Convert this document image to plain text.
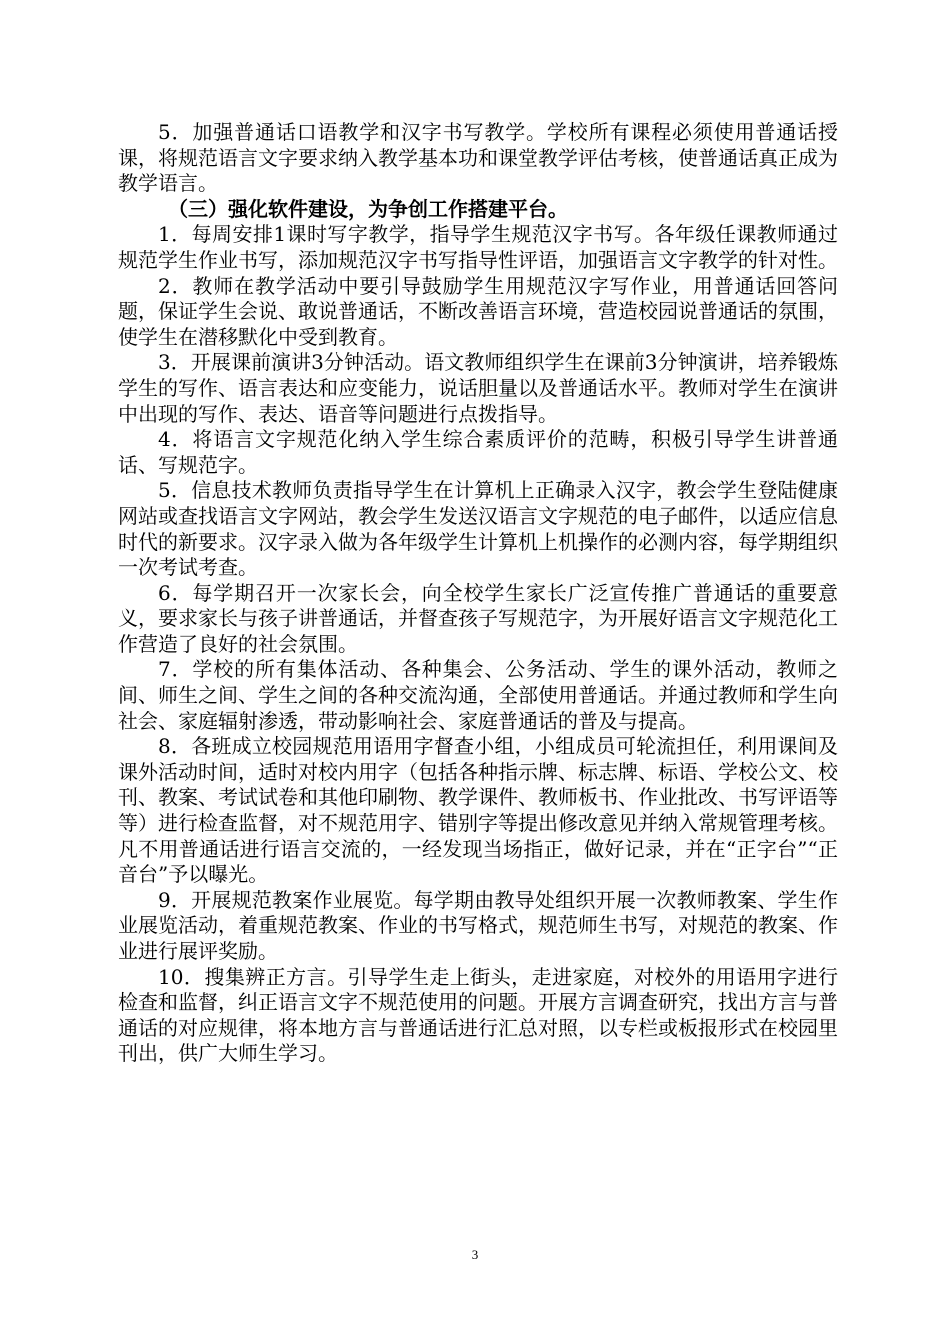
5．加强普通话口语教学和汉字书写教学。学校所有课程必须使用普通话授课，将规范语言文字要求纳入教学基本功和课堂教学评估考核，使普通话真正成为教学语言。

（三）强化软件建设，为争创工作搭建平台。

1．每周安排1课时写字教学，指导学生规范汉字书写。各年级任课教师通过规范学生作业书写，添加规范汉字书写指导性评语，加强语言文字教学的针对性。

2．教师在教学活动中要引导鼓励学生用规范汉字写作业，用普通话回答问题，保证学生会说、敢说普通话，不断改善语言环境，营造校园说普通话的氛围，使学生在潜移默化中受到教育。

3．开展课前演讲3分钟活动。语文教师组织学生在课前3分钟演讲，培养锻炼学生的写作、语言表达和应变能力，说话胆量以及普通话水平。教师对学生在演讲中出现的写作、表达、语音等问题进行点拨指导。

4．将语言文字规范化纳入学生综合素质评价的范畴，积极引导学生讲普通话、写规范字。

5．信息技术教师负责指导学生在计算机上正确录入汉字，教会学生登陆健康网站或查找语言文字网站，教会学生发送汉语言文字规范的电子邮件，以适应信息时代的新要求。汉字录入做为各年级学生计算机上机操作的必测内容，每学期组织一次考试考查。

6．每学期召开一次家长会，向全校学生家长广泛宣传推广普通话的重要意义，要求家长与孩子讲普通话，并督查孩子写规范字，为开展好语言文字规范化工作营造了良好的社会氛围。

7．学校的所有集体活动、各种集会、公务活动、学生的课外活动，教师之间、师生之间、学生之间的各种交流沟通，全部使用普通话。并通过教师和学生向社会、家庭辐射渗透，带动影响社会、家庭普通话的普及与提高。

8．各班成立校园规范用语用字督查小组，小组成员可轮流担任，利用课间及课外活动时间，适时对校内用字（包括各种指示牌、标志牌、标语、学校公文、校刊、教案、考试试卷和其他印刷物、教学课件、教师板书、作业批改、书写评语等等）进行检查监督，对不规范用字、错别字等提出修改意见并纳入常规管理考核。凡不用普通话进行语言交流的，一经发现当场指正，做好记录，并在“正字台”“正音台”予以曝光。

9．开展规范教案作业展览。每学期由教导处组织开展一次教师教案、学生作业展览活动，着重规范教案、作业的书写格式，规范师生书写，对规范的教案、作业进行展评奖励。

10．搜集辨正方言。引导学生走上街头，走进家庭，对校外的用语用字进行检查和监督，纠正语言文字不规范使用的问题。开展方言调查研究，找出方言与普通话的对应规律，将本地方言与普通话进行汇总对照，以专栏或板报形式在校园里刊出，供广大师生学习。

3
